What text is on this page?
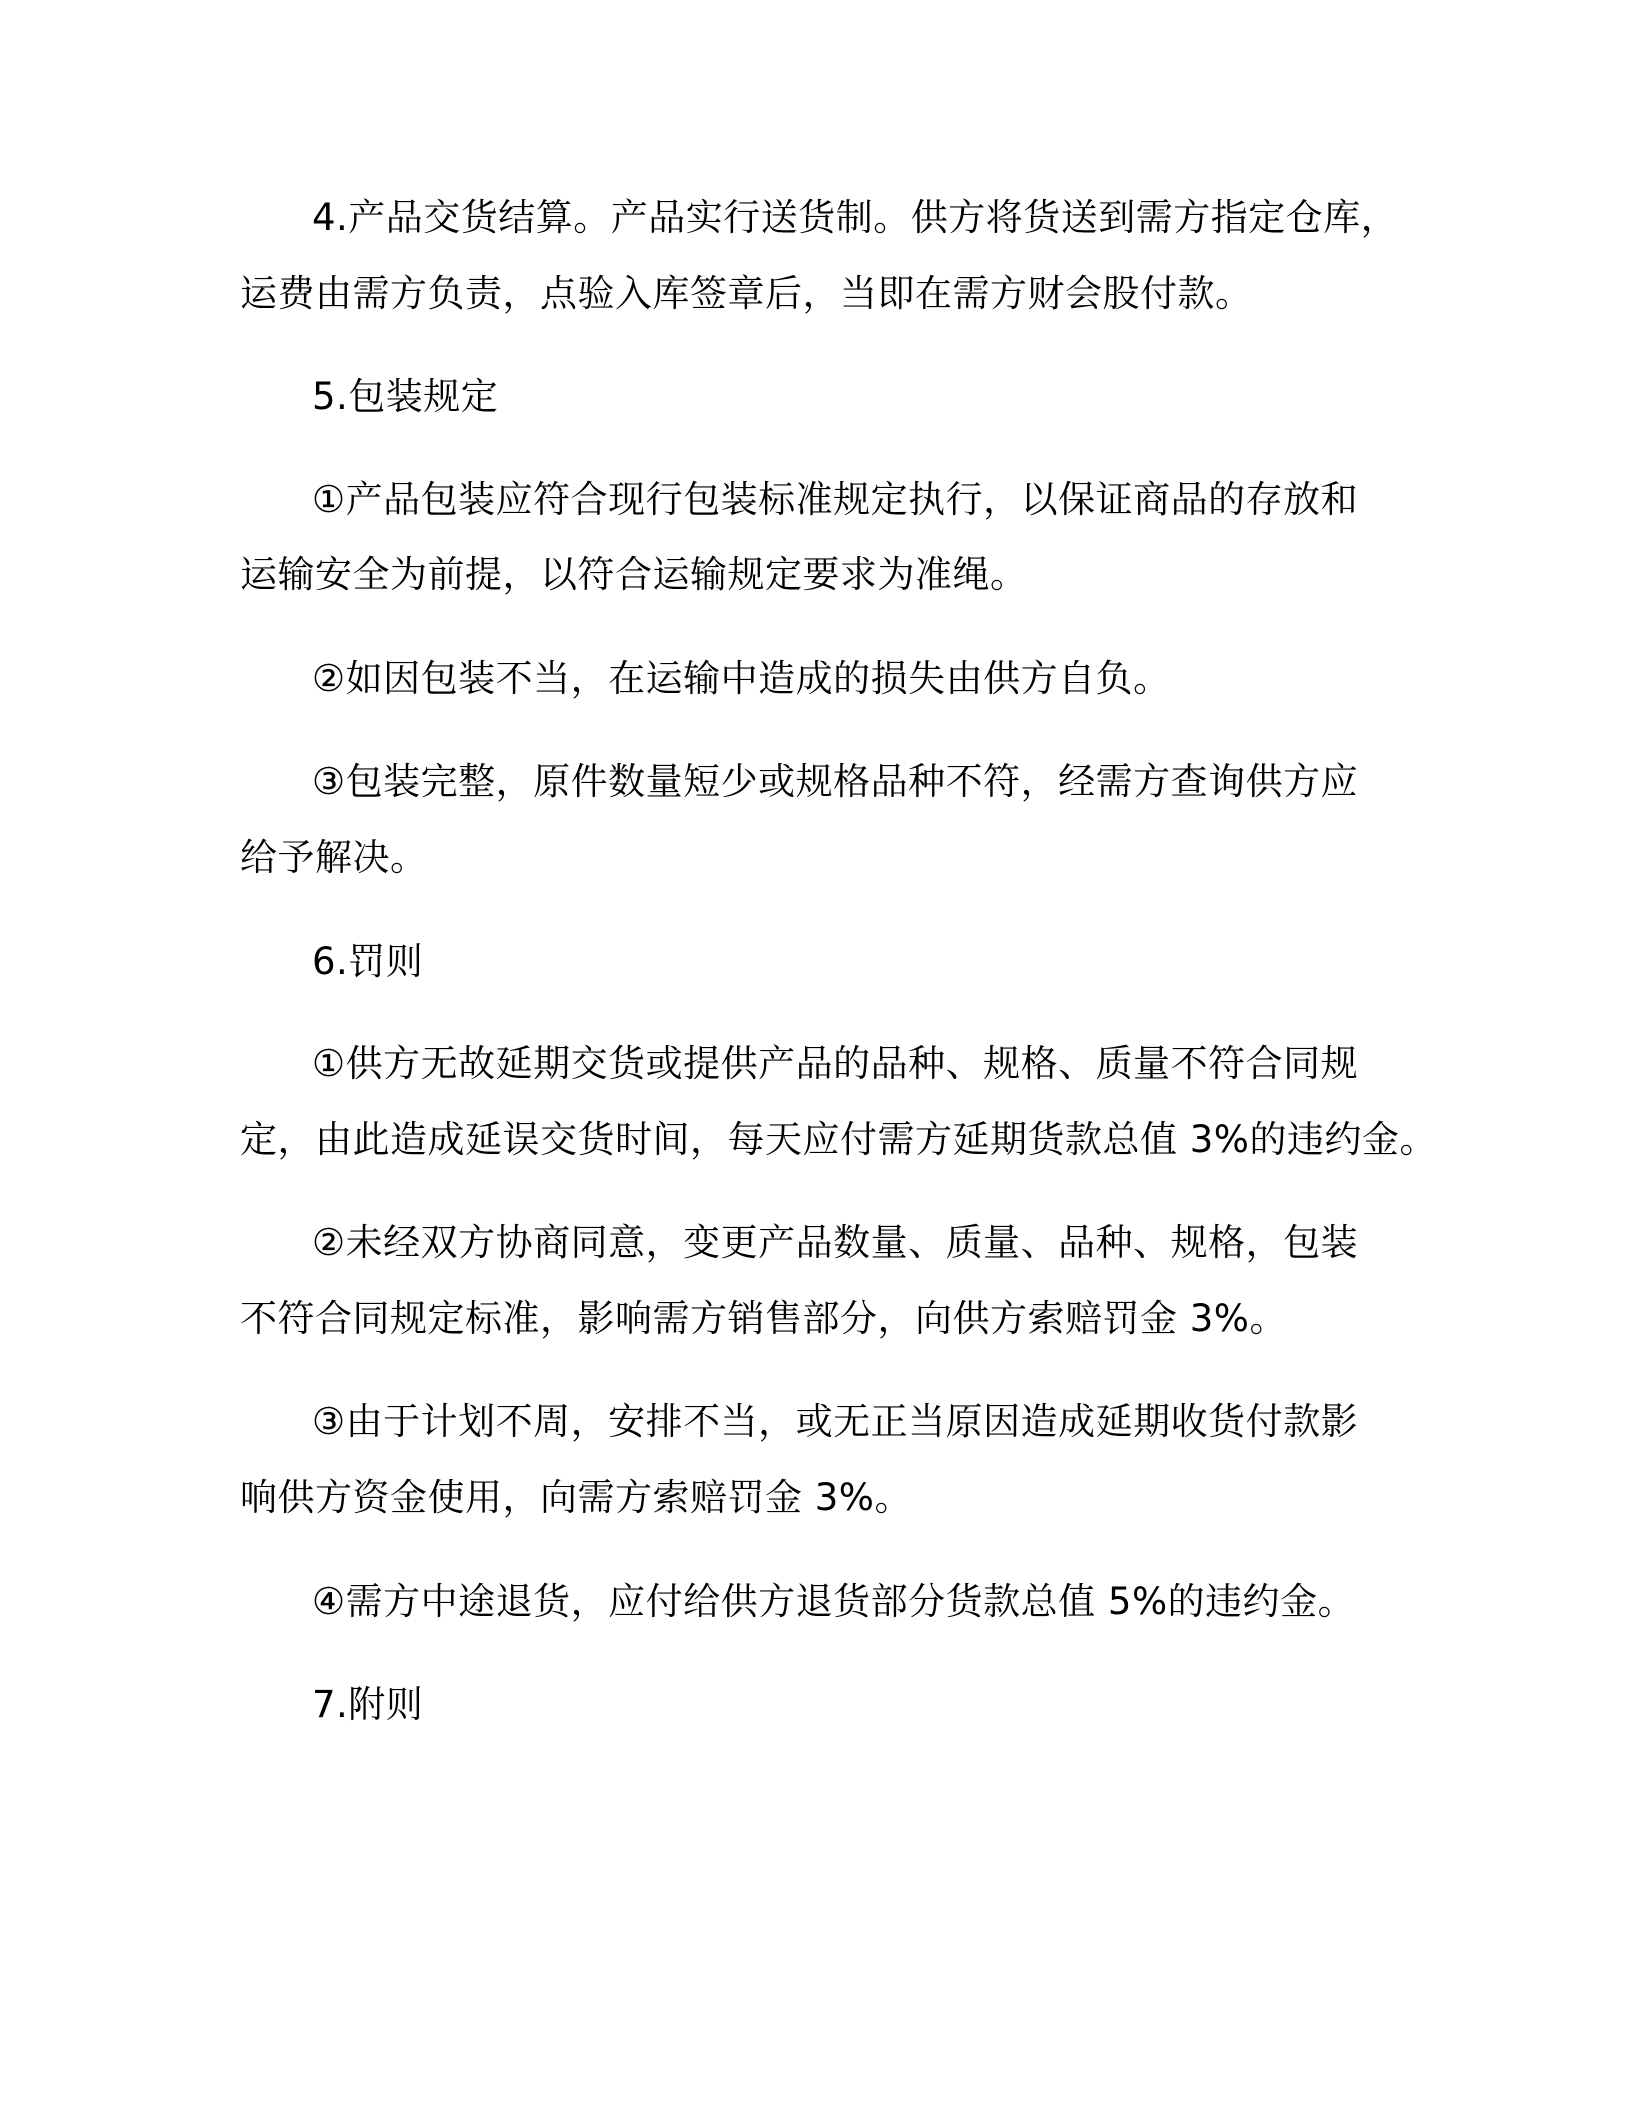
4.产品交货结算。产品实行送货制。供方将货送到需方指定仓库，
运费由需方负责，点验入库签章后，当即在需方财会股付款。
5.包装规定
①产品包装应符合现行包装标准规定执行，以保证商品的存放和
运输安全为前提，以符合运输规定要求为准绳。
②如因包装不当，在运输中造成的损失由供方自负。
③包装完整，原件数量短少或规格品种不符，经需方查询供方应
给予解决。
6.罚则
①供方无故延期交货或提供产品的品种、规格、质量不符合同规
定，由此造成延误交货时间，每天应付需方延期货款总值 3%的违约金。
②未经双方协商同意，变更产品数量、质量、品种、规格，包装
不符合同规定标准，影响需方销售部分，向供方索赔罚金 3%。
③由于计划不周，安排不当，或无正当原因造成延期收货付款影
响供方资金使用，向需方索赔罚金 3%。
④需方中途退货，应付给供方退货部分货款总值 5%的违约金。
7.附则
